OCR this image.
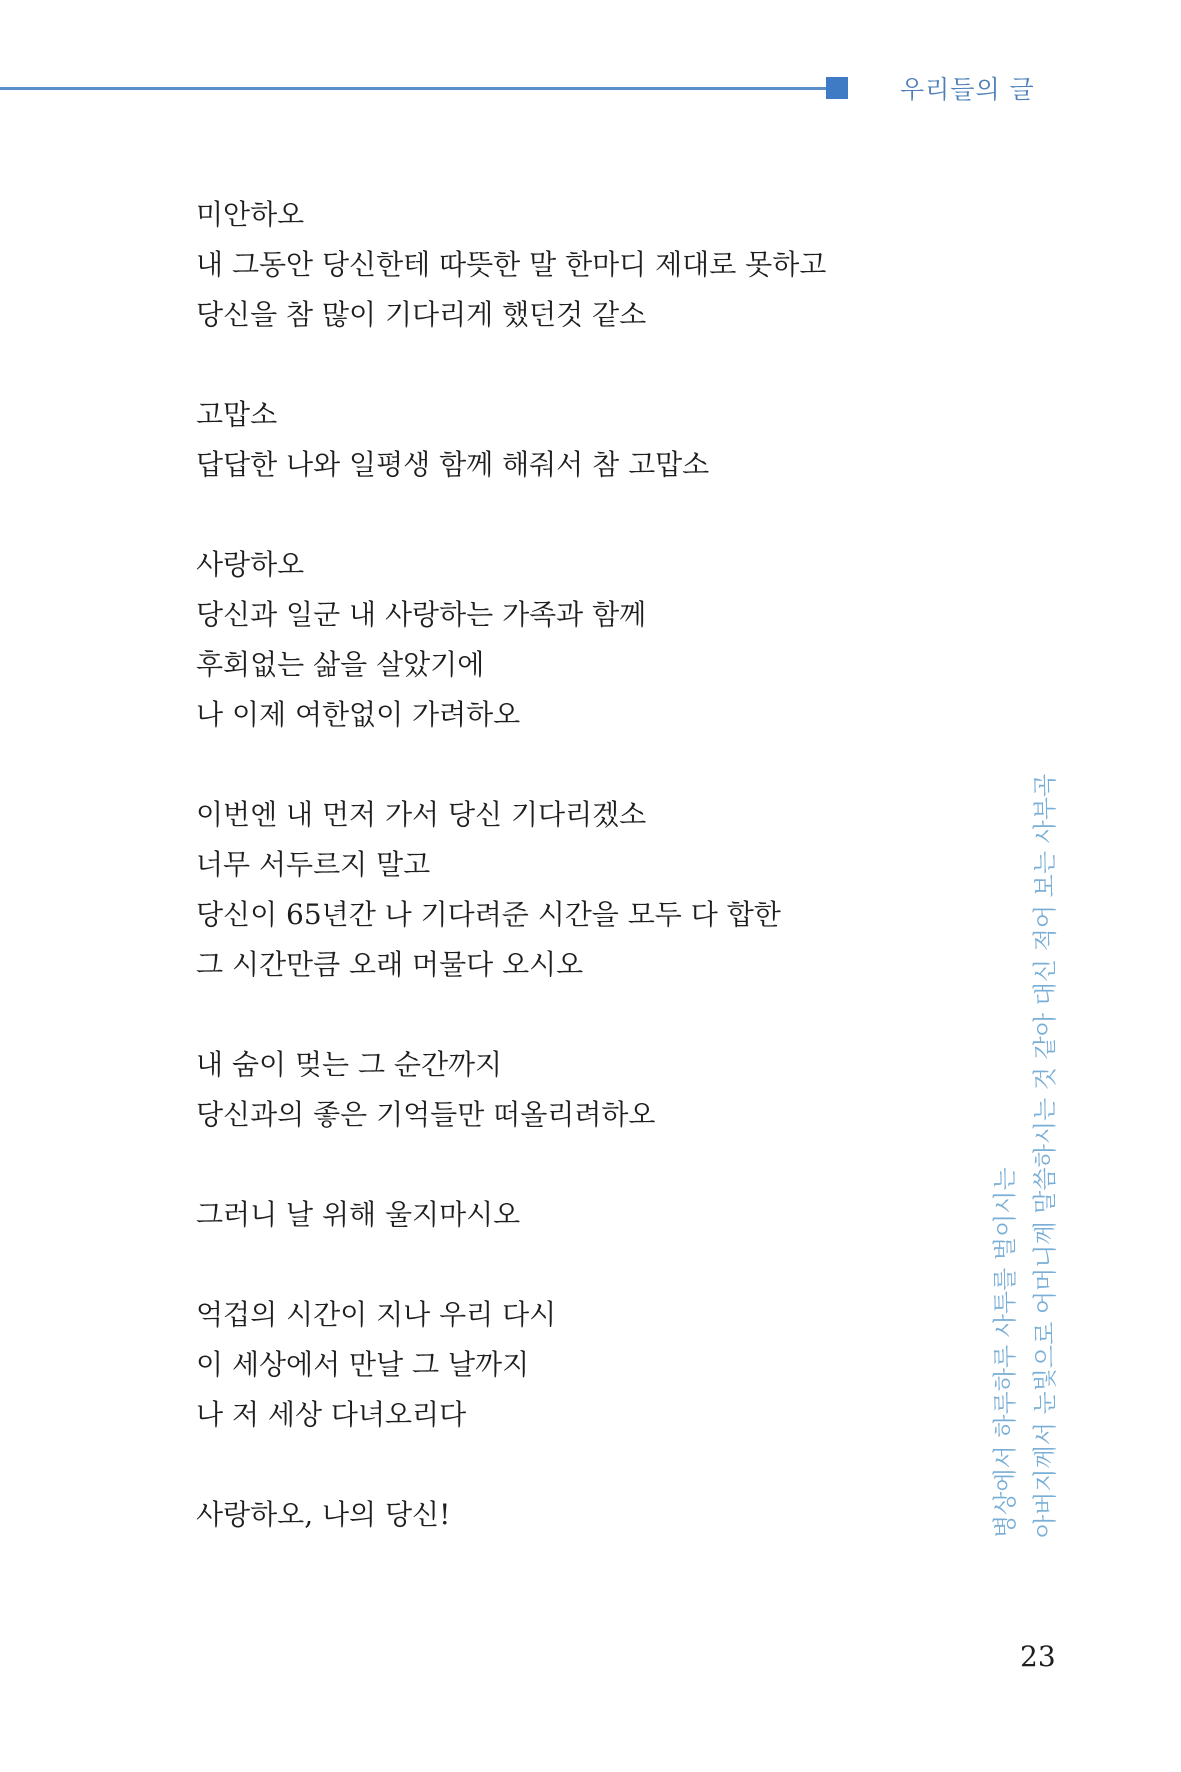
우리들의 글
미안하오
내 그동안 당신한테 따뜻한 말 한마디 제대로 못하고
당신을 참 많이 기다리게 했던것 같소
고맙소
답답한 나와 일평생 함께 해줘서 참 고맙소
사랑하오
당신과 일군 내 사랑하는 가족과 함께
후회없는 삶을 살았기에
나 이제 여한없이 가려하오
이번엔 내 먼저 가서 당신 기다리겠소
너무 서두르지 말고
당신이 65년간 나 기다려준 시간을 모두 다 합한
그 시간만큼 오래 머물다 오시오
내 숨이 멎는 그 순간까지
당신과의 좋은 기억들만 떠올리려하오
그러니 날 위해 울지마시오
억겁의 시간이 지나 우리 다시
이 세상에서 만날 그 날까지
나 저 세상 다녀오리다
사랑하오, 나의 당신!	병상에서 하루하루 사투를 벌이시는 아버지께서 눈빛으로 어머니께 말씀하시는 것 같아 대신 적어 보는 사부곡
23
